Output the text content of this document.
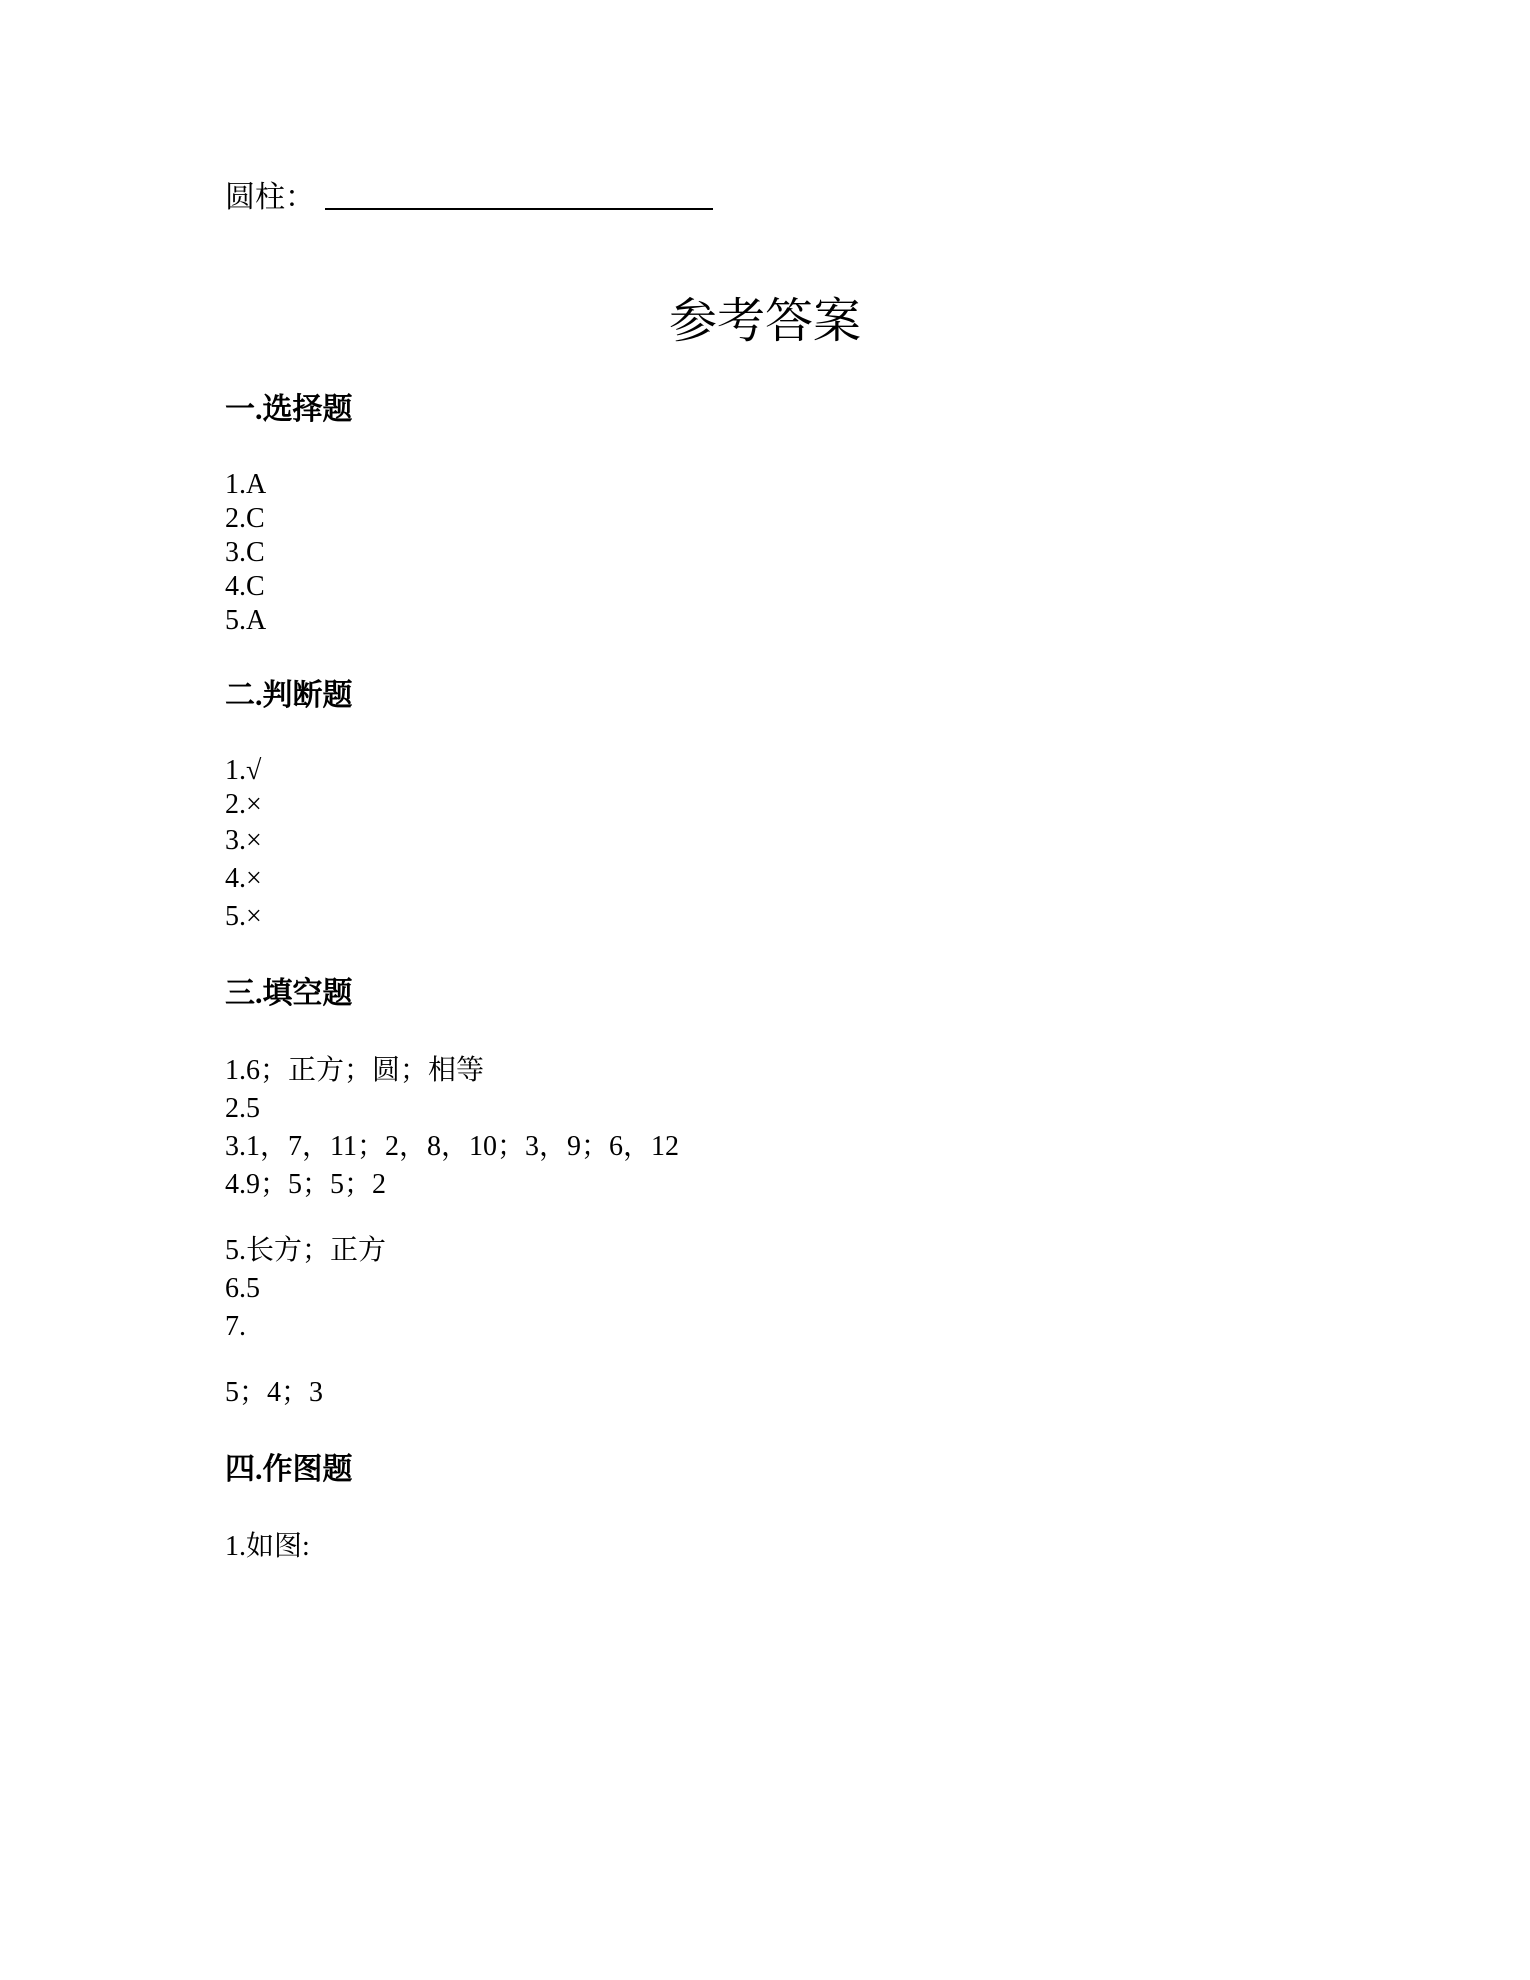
圆柱：
参考答案
一.选择题
1.A
2.C
3.C
4.C
5.A
二.判断题
1.√
2.×
3.×
4.×
5.×
三.填空题
1.6；正方；圆；相等
2.5
3.1，7，11；2，8，10；3，9；6，12
4.9；5；5；2
5.长方；正方
6.5
7.
5；4；3
四.作图题
1.如图:
